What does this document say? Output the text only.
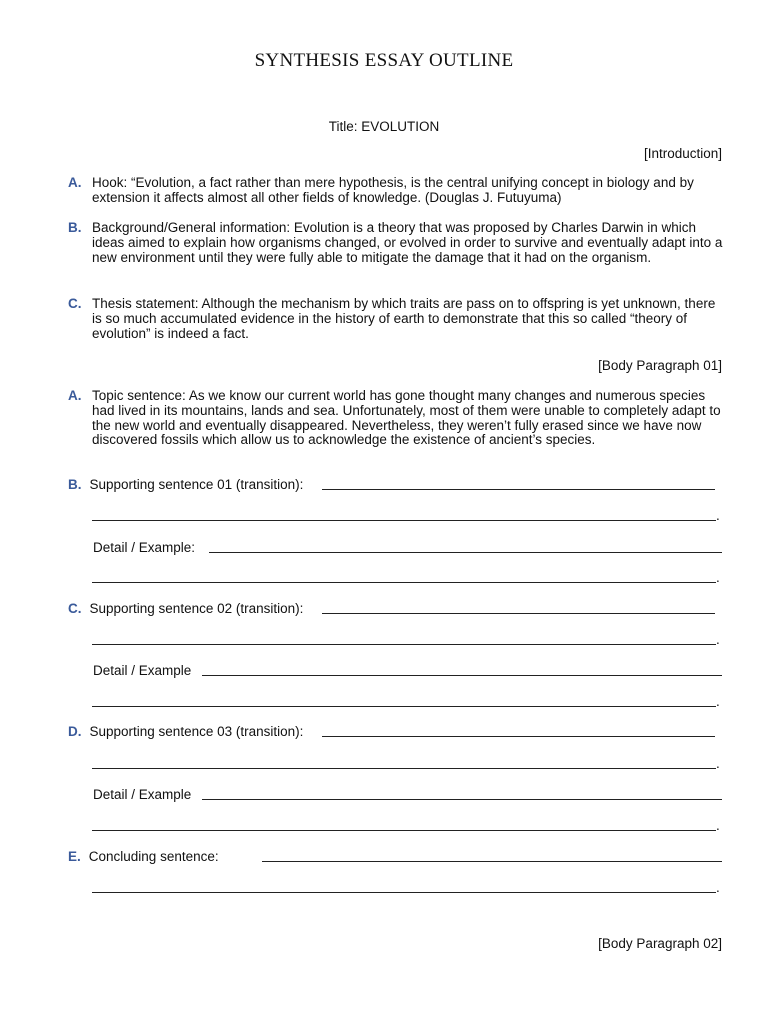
SYNTHESIS ESSAY OUTLINE
Title: EVOLUTION
[Introduction]
A. Hook: “Evolution, a fact rather than mere hypothesis, is the central unifying concept in biology and by extension it affects almost all other fields of knowledge. (Douglas J. Futuyuma)
B. Background/General information: Evolution is a theory that was proposed by Charles Darwin in which ideas aimed to explain how organisms changed, or evolved in order to survive and eventually adapt into a new environment until they were fully able to mitigate the damage that it had on the organism.
C. Thesis statement: Although the mechanism by which traits are pass on to offspring is yet unknown, there is so much accumulated evidence in the history of earth to demonstrate that this so called “theory of evolution” is indeed a fact.
[Body Paragraph 01]
A. Topic sentence: As we know our current world has gone thought many changes and numerous species had lived in its mountains, lands and sea. Unfortunately, most of them were unable to completely adapt to the new world and eventually disappeared. Nevertheless, they weren’t fully erased since we have now discovered fossils which allow us to acknowledge the existence of ancient’s species.
B. Supporting sentence 01 (transition):
.
Detail / Example:
.
C. Supporting sentence 02 (transition):
.
Detail / Example
.
D. Supporting sentence 03 (transition):
.
Detail / Example
.
E. Concluding sentence:
.
[Body Paragraph 02]
